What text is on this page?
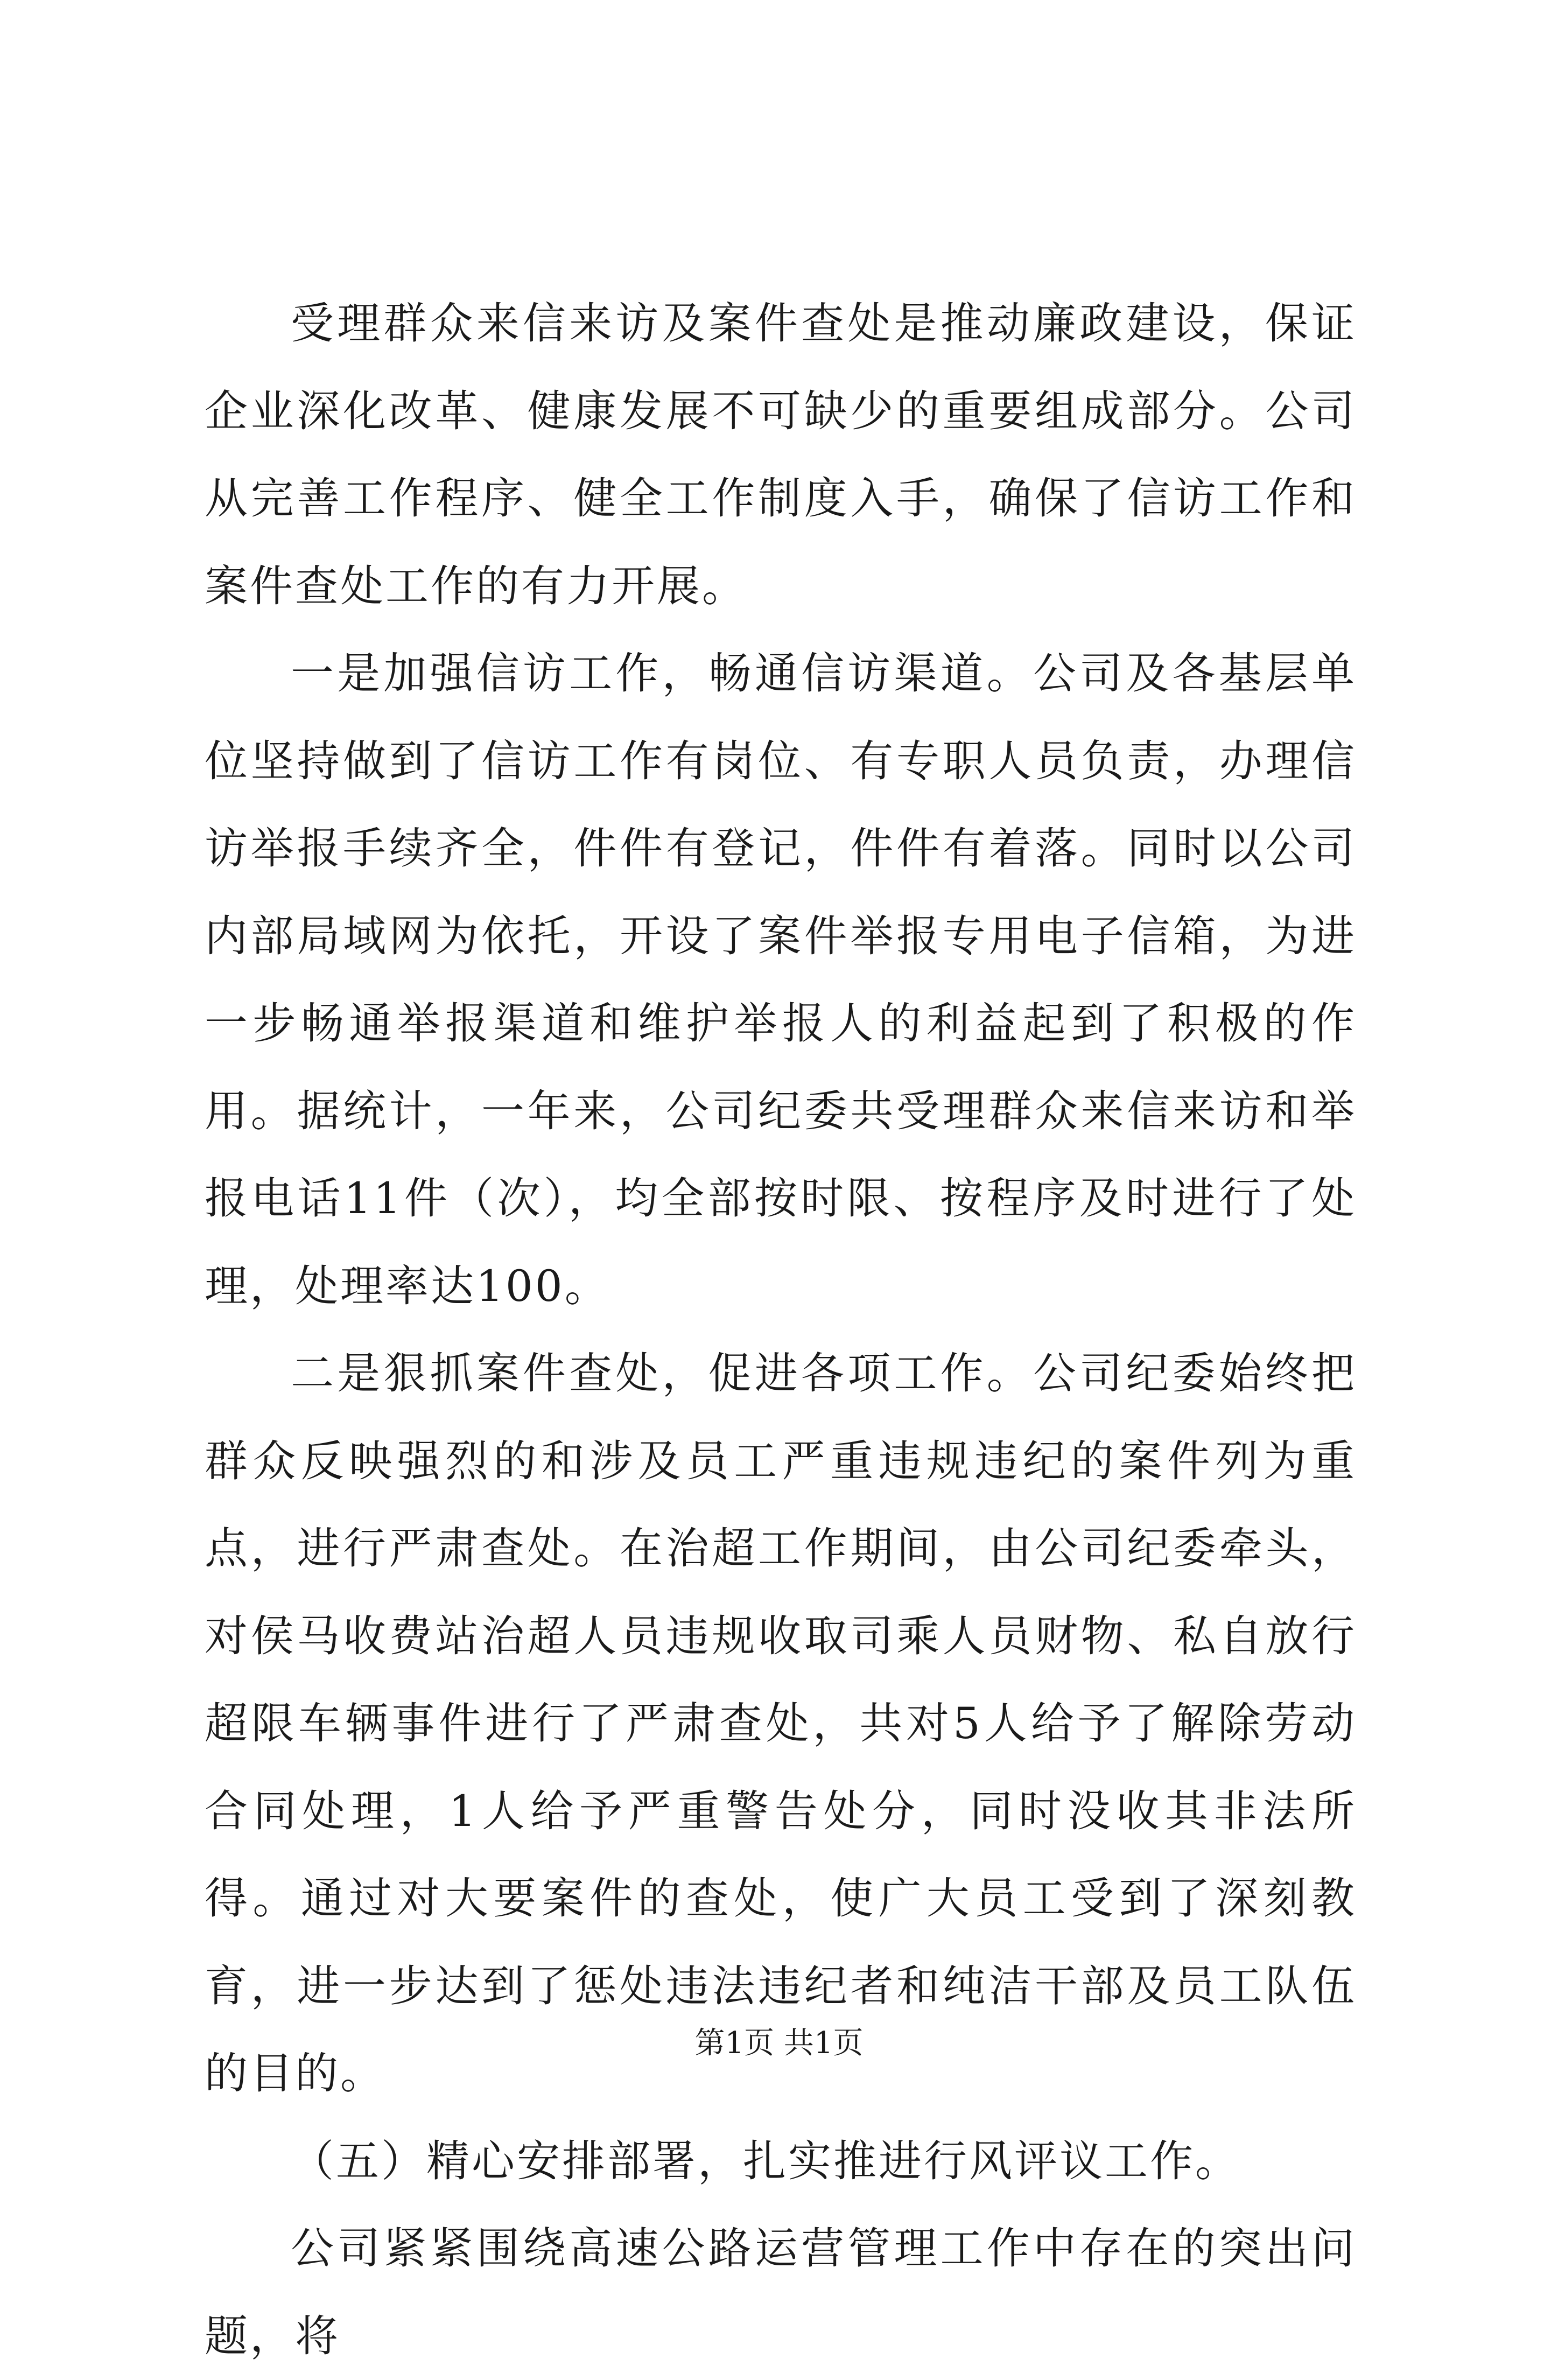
受理群众来信来访及案件查处是推动廉政建设，保证企业深化改革、健康发展不可缺少的重要组成部分。公司从完善工作程序、健全工作制度入手，确保了信访工作和案件查处工作的有力开展。

一是加强信访工作，畅通信访渠道。公司及各基层单位坚持做到了信访工作有岗位、有专职人员负责，办理信访举报手续齐全，件件有登记，件件有着落。同时以公司内部局域网为依托，开设了案件举报专用电子信箱，为进一步畅通举报渠道和维护举报人的利益起到了积极的作用。据统计，一年来，公司纪委共受理群众来信来访和举报电话11件（次），均全部按时限、按程序及时进行了处理，处理率达100。

二是狠抓案件查处，促进各项工作。公司纪委始终把群众反映强烈的和涉及员工严重违规违纪的案件列为重点，进行严肃查处。在治超工作期间，由公司纪委牵头，对侯马收费站治超人员违规收取司乘人员财物、私自放行超限车辆事件进行了严肃查处，共对5人给予了解除劳动合同处理，1人给予严重警告处分，同时没收其非法所得。通过对大要案件的查处，使广大员工受到了深刻教育，进一步达到了惩处违法违纪者和纯洁干部及员工队伍的目的。

（五）精心安排部署，扎实推进行风评议工作。

公司紧紧围绕高速公路运营管理工作中存在的突出问题，将

第1页 共1页
